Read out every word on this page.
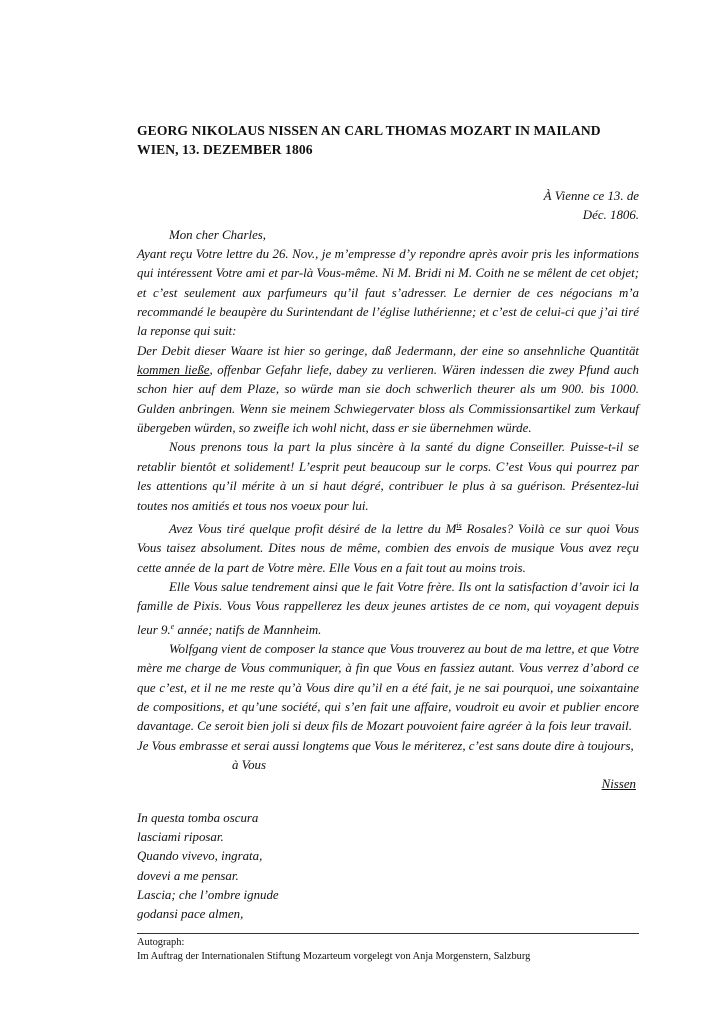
GEORG NIKOLAUS NISSEN AN CARL THOMAS MOZART IN MAILAND
WIEN, 13. DEZEMBER 1806
À Vienne ce 13. de
Déc. 1806.
Mon cher Charles,

Ayant reçu Votre lettre du 26. Nov., je m’empresse d’y repondre après avoir pris les informations qui intéressent Votre ami et par-là Vous-même. Ni M. Bridi ni M. Coith ne se mêlent de cet objet; et c’est seulement aux parfumeurs qu’il faut s’adresser. Le dernier de ces négocians m’a recommandé le beaupère du Surintendant de l’église luthérienne; et c’est de celui-ci que j’ai tiré la reponse qui suit:

Der Debit dieser Waare ist hier so geringe, daß Jedermann, der eine so ansehnliche Quantität kommen ließe, offenbar Gefahr liefe, dabey zu verlieren. Wären indessen die zwey Pfund auch schon hier auf dem Plaze, so würde man sie doch schwerlich theurer als um 900. bis 1000. Gulden anbringen. Wenn sie meinem Schwiegervater bloss als Commissionsartikel zum Verkauf übergeben würden, so zweifle ich wohl nicht, dass er sie übernehmen würde.

Nous prenons tous la part la plus sincère à la santé du digne Conseiller. Puisse-t-il se retablir bientôt et solidement! L’esprit peut beaucoup sur le corps. C’est Vous qui pourrez par les attentions qu’il mérite à un si haut dégré, contribuer le plus à sa guérison. Présentez-lui toutes nos amitiés et tous nos voeux pour lui.

Avez Vous tiré quelque profit désiré de la lettre du $M^{is}$ Rosales? Voilà ce sur quoi Vous Vous taisez absolument. Dites nous de même, combien des envois de musique Vous avez reçu cette année de la part de Votre mère. Elle Vous en a fait tout au moins trois.

Elle Vous salue tendrement ainsi que le fait Votre frère. Ils ont la satisfaction d’avoir ici la famille de Pixis. Vous Vous rappellerez les deux jeunes artistes de ce nom, qui voyagent depuis leur 9.$^e$ année; natifs de Mannheim.

Wolfgang vient de composer la stance que Vous trouverez au bout de ma lettre, et que Votre mère me charge de Vous communiquer, à fin que Vous en fassiez autant. Vous verrez d’abord ce que c’est, et il ne me reste qu’à Vous dire qu’il en a été fait, je ne sai pourquoi, une soixantaine de compositions, et qu’une société, qui s’en fait une affaire, voudroit eu avoir et publier encore davantage. Ce seroit bien joli si deux fils de Mozart pouvoient faire agréer à la fois leur travail.

Je Vous embrasse et serai aussi longtems que Vous le mériterez, c’est sans doute dire à toujours,
à Vous
Nissen
In questa tomba oscura
lasciami riposar.
Quando vivevo, ingrata,
dovevi a me pensar.
Lascia; che l’ombre ignude
godansi pace almen,
Autograph:
Im Auftrag der Internationalen Stiftung Mozarteum vorgelegt von Anja Morgenstern, Salzburg
